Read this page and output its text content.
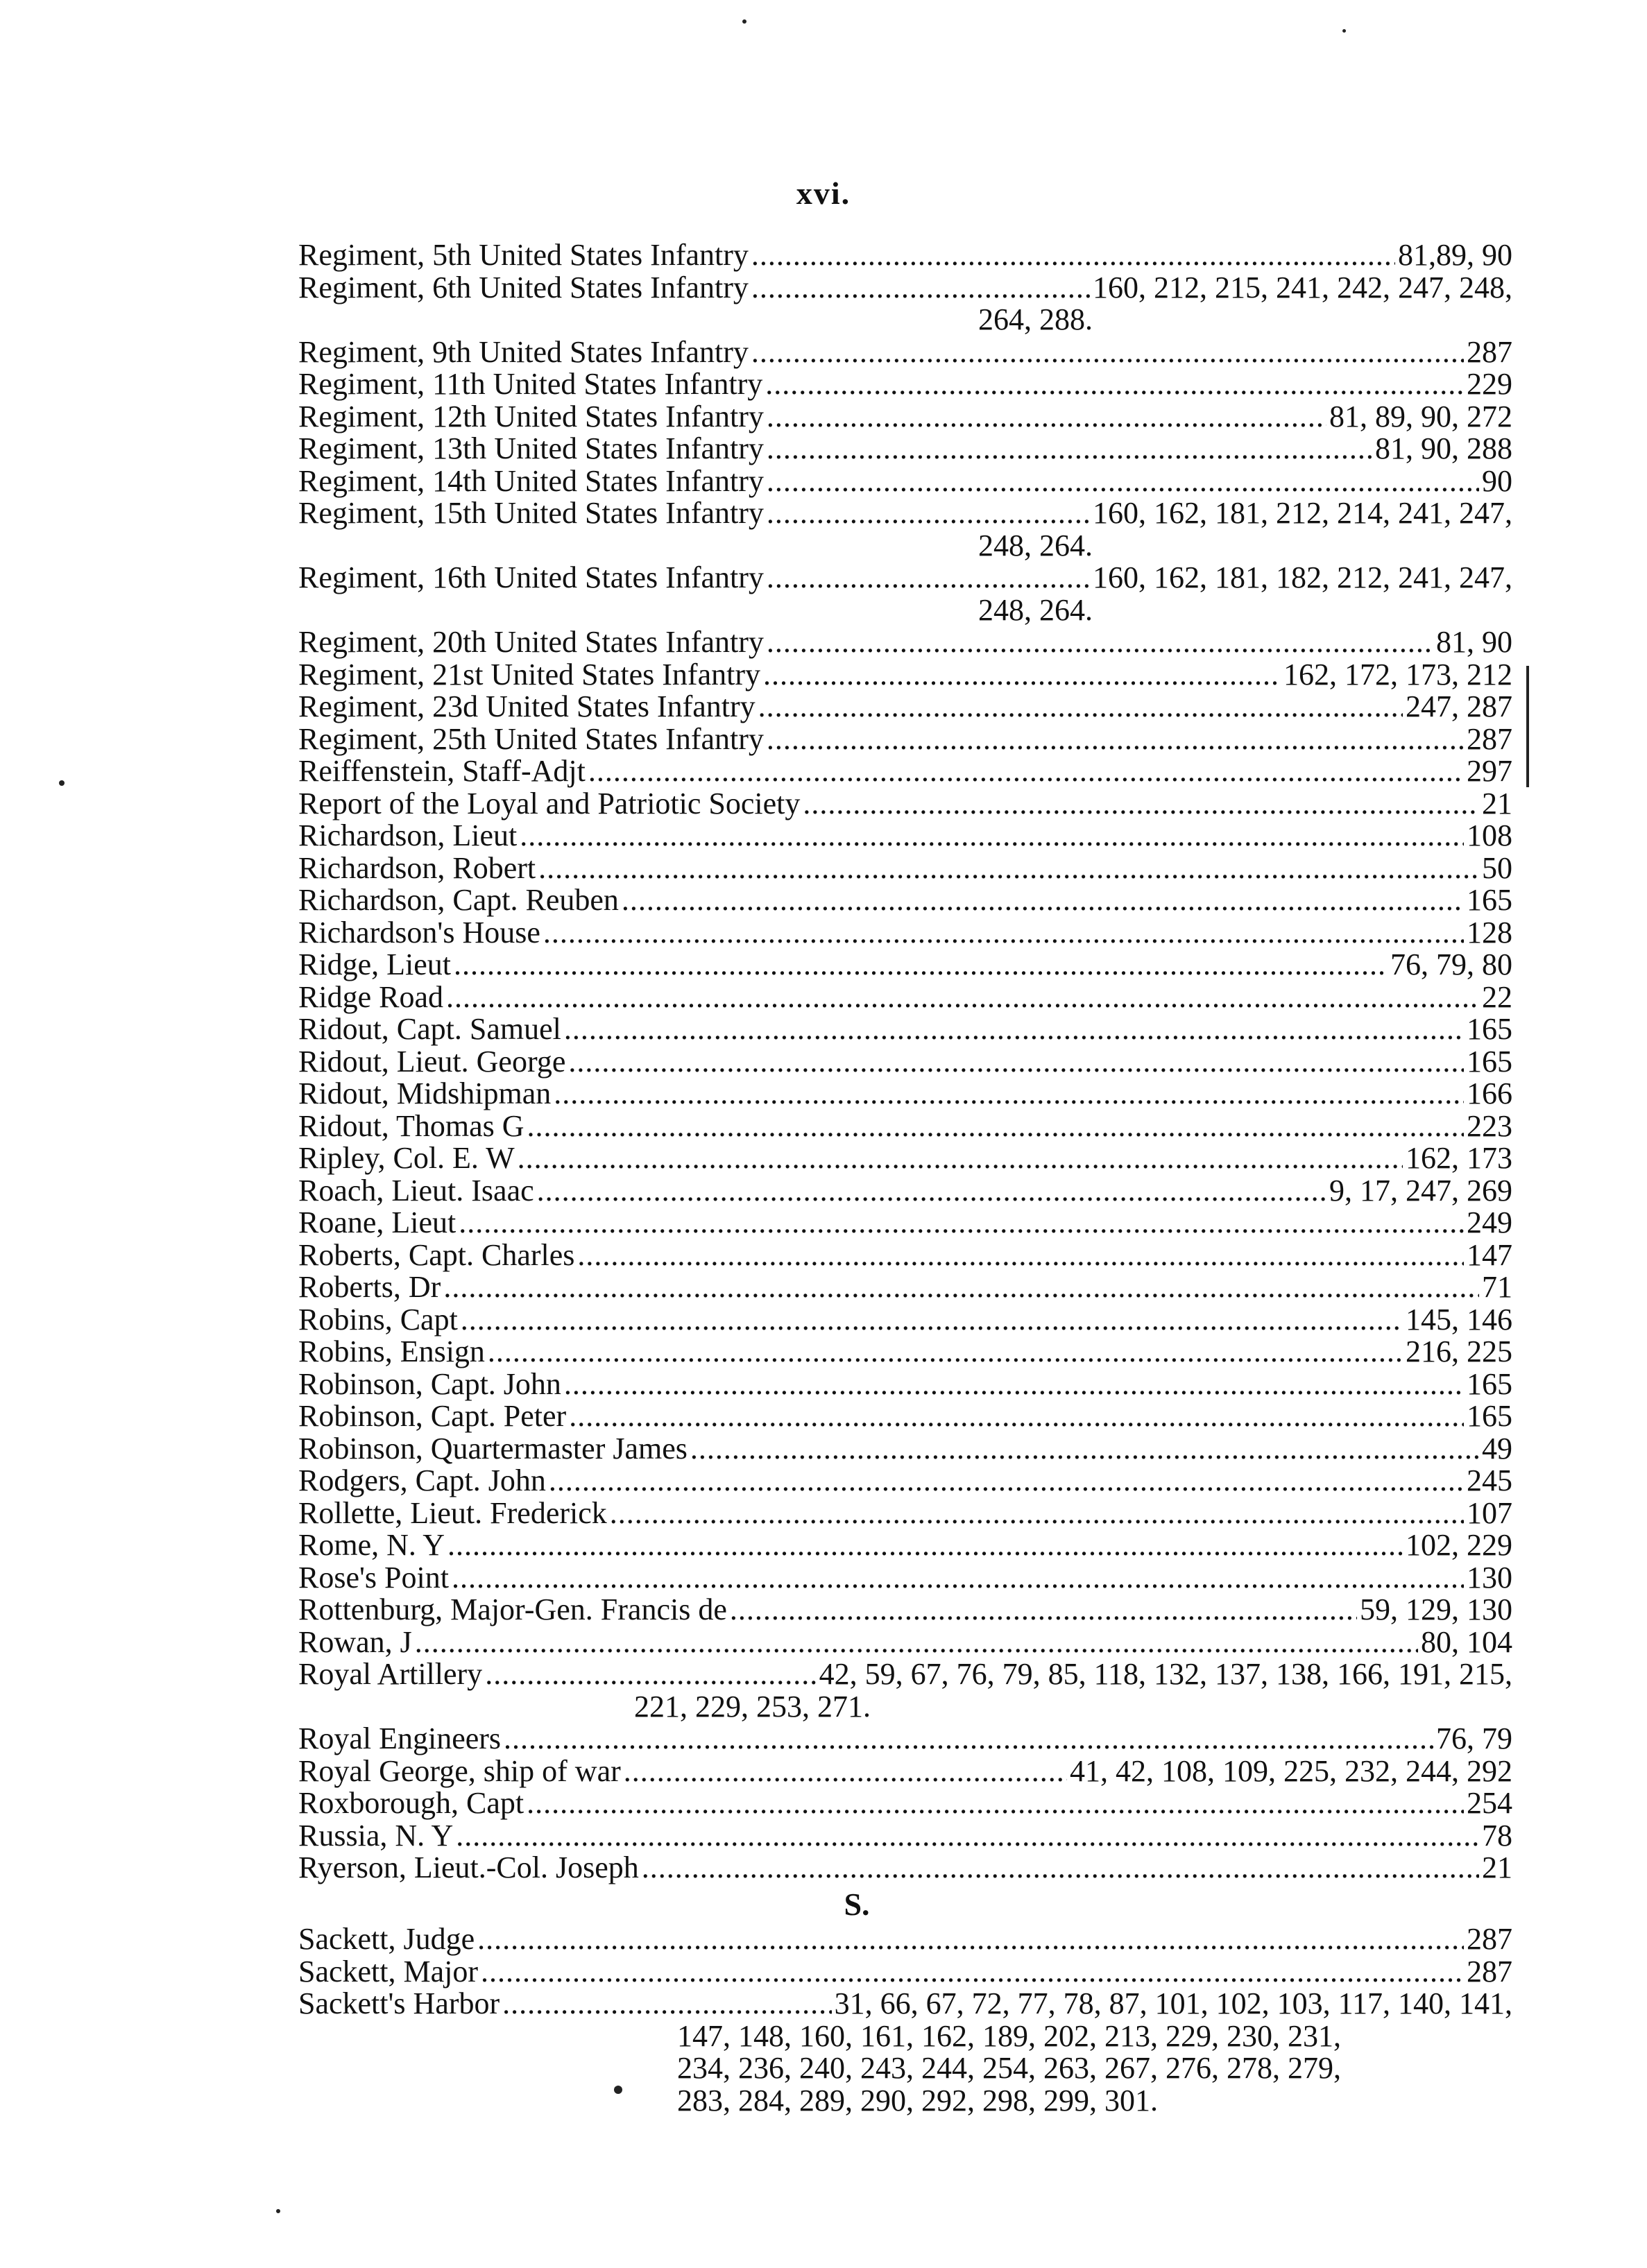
xvi.
Regiment, 5th United States Infantry .....	81,89, 90
Regiment, 6th United States Infantry .....	160, 212, 215, 241, 242, 247, 248,
264, 288.
Regiment, 9th United States Infantry .....	287
Regiment, 11th United States Infantry .....	229
Regiment, 12th United States Infantry .....	81, 89, 90, 272
Regiment, 13th United States Infantry .....	81, 90, 288
Regiment, 14th United States Infantry .....	90
Regiment, 15th United States Infantry .....	160, 162, 181, 212, 214, 241, 247,
248, 264.
Regiment, 16th United States Infantry .....	160, 162, 181, 182, 212, 241, 247,
248, 264.
Regiment, 20th United States Infantry .....	81, 90
Regiment, 21st United States Infantry .....	162, 172, 173, 212
Regiment, 23d United States Infantry .....	247, 287
Regiment, 25th United States Infantry .....	287
Reiffenstein, Staff-Adjt .....	297
Report of the Loyal and Patriotic Society .....	21
Richardson, Lieut .....	108
Richardson, Robert .....	50
Richardson, Capt. Reuben .....	165
Richardson's House .....	128
Ridge, Lieut .....	76, 79, 80
Ridge Road .....	22
Ridout, Capt. Samuel .....	165
Ridout, Lieut. George .....	165
Ridout, Midshipman .....	166
Ridout, Thomas G .....	223
Ripley, Col. E. W .....	162, 173
Roach, Lieut. Isaac .....	9, 17, 247, 269
Roane, Lieut .....	249
Roberts, Capt. Charles .....	147
Roberts, Dr .....	71
Robins, Capt .....	145, 146
Robins, Ensign .....	216, 225
Robinson, Capt. John .....	165
Robinson, Capt. Peter .....	165
Robinson, Quartermaster James .....	49
Rodgers, Capt. John .....	245
Rollette, Lieut. Frederick .....	107
Rome, N. Y .....	102, 229
Rose's Point .....	130
Rottenburg, Major-Gen. Francis de .....	59, 129, 130
Rowan, J .....	80, 104
Royal Artillery .....	42, 59, 67, 76, 79, 85, 118, 132, 137, 138, 166, 191, 215,
221, 229, 253, 271.
Royal Engineers .....	76, 79
Royal George, ship of war .....	41, 42, 108, 109, 225, 232, 244, 292
Roxborough, Capt .....	254
Russia, N. Y .....	78
Ryerson, Lieut.-Col. Joseph .....	21
S.
Sackett, Judge .....	287
Sackett, Major .....	287
Sackett's Harbor .....	31, 66, 67, 72, 77, 78, 87, 101, 102, 103, 117, 140, 141,
147, 148, 160, 161, 162, 189, 202, 213, 229, 230, 231,
234, 236, 240, 243, 244, 254, 263, 267, 276, 278, 279,
283, 284, 289, 290, 292, 298, 299, 301.
